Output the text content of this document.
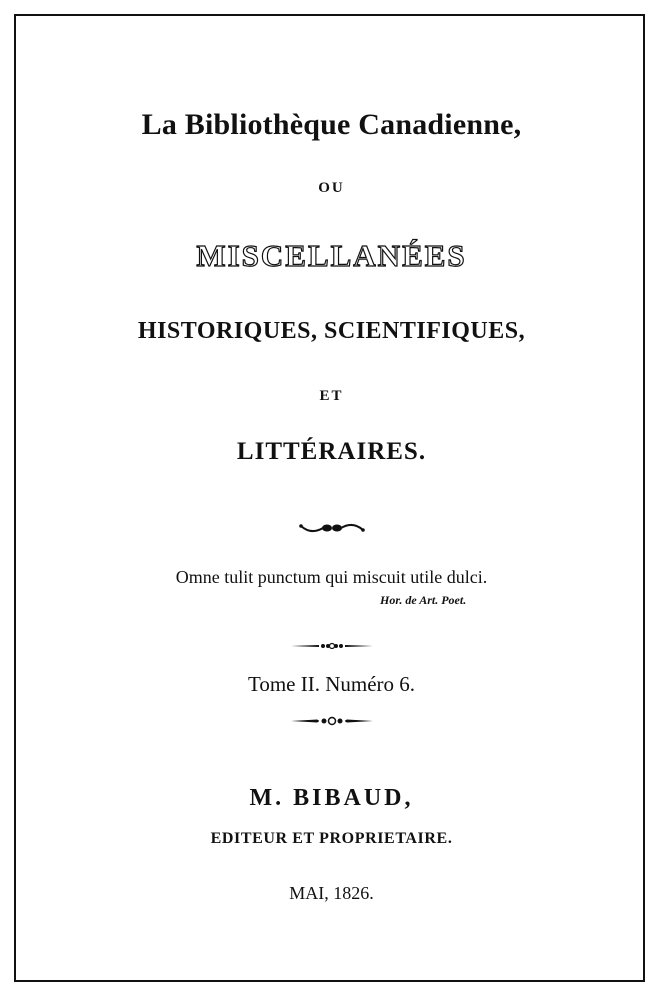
La Bibliothèque Canadienne,
OU
MISCELLANÉES
HISTORIQUES, SCIENTIFIQUES,
ET
LITTÉRAIRES.
Omne tulit punctum qui miscuit utile dulci.
Hor. de Art. Poet.
Tome II. Numéro 6.
M. BIBAUD,
EDITEUR ET PROPRIETAIRE.
MAI, 1826.
